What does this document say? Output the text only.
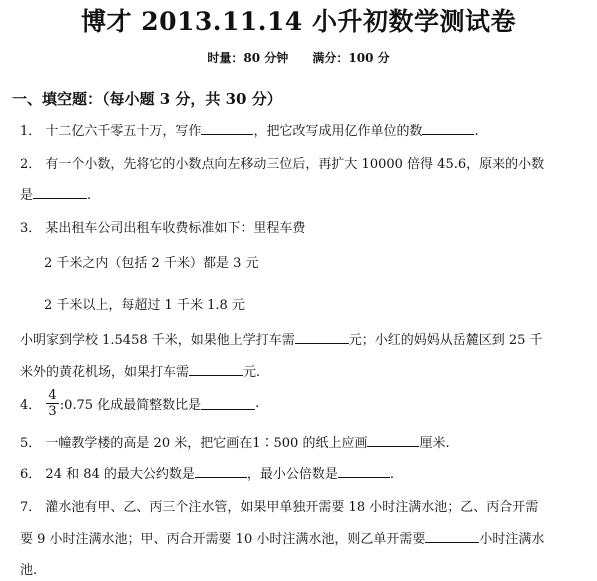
博才 2013.11.14 小升初数学测试卷
时量：80 分钟 满分：100 分
一、填空题：（每小题 3 分，共 30 分）
1． 十二亿六千零五十万，写作	，把它改写成用亿作单位的数	.
2． 有一个小数，先将它的小数点向左移动三位后，再扩大 10000 倍得 45.6，原来的小数
是	.
3． 某出租车公司出租车收费标准如下：里程车费
2 千米之内（包括 2 千米）都是 3 元
2 千米以上，每超过 1 千米 1.8 元
小明家到学校 1.5458 千米，如果他上学打车需	元；小红的妈妈从岳麓区到 25 千
米外的黄花机场，如果打车需	元.
4． $\frac{4}{3}$ :0.75 化成最简整数比是	.
5． 一幢教学楼的高是 20 米，把它画在1∶500 的纸上应画	厘米.
6． 24 和 84 的最大公约数是	，最小公倍数是	.
7． 灌水池有甲、乙、丙三个注水管，如果甲单独开需要 18 小时注满水池；乙、丙合开需
要 9 小时注满水池；甲、丙合开需要 10 小时注满水池，则乙单开需要	小时注满水
池.
